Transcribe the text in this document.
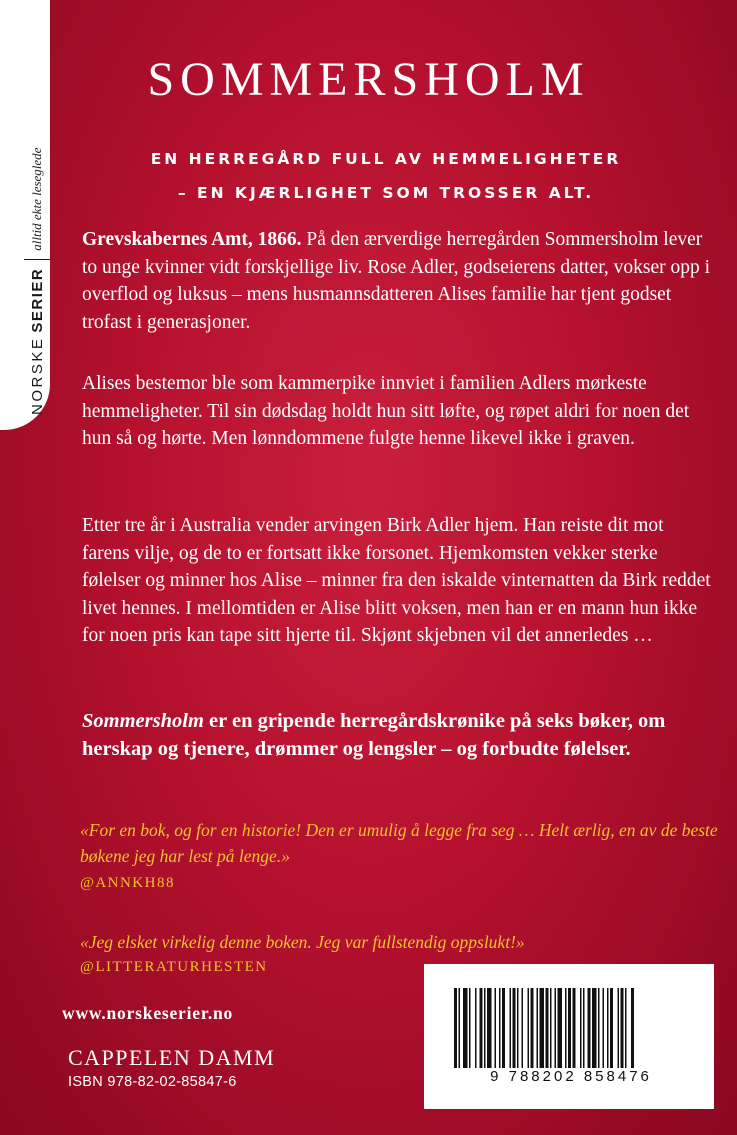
NORSKE
SERIER
alltid ekte leseglede
SOMMERSHOLM
EN HERREGÅRD FULL AV HEMMELIGHETER
– EN KJÆRLIGHET SOM TROSSER ALT.

Grevskabernes Amt, 1866. På den ærverdige herregården Sommersholm lever to unge kvinner vidt forskjellige liv. Rose Adler, godseierens datter, vokser opp i overflod og luksus – mens husmannsdatteren Alises familie har tjent godset trofast i generasjoner.

Alises bestemor ble som kammerpike innviet i familien Adlers mørkeste hemmeligheter. Til sin dødsdag holdt hun sitt løfte, og røpet aldri for noen det hun så og hørte. Men lønndommene fulgte henne likevel ikke i graven.

Etter tre år i Australia vender arvingen Birk Adler hjem. Han reiste dit mot farens vilje, og de to er fortsatt ikke forsonet. Hjemkomsten vekker sterke følelser og minner hos Alise – minner fra den iskalde vinternatten da Birk reddet livet hennes. I mellomtiden er Alise blitt voksen, men han er en mann hun ikke for noen pris kan tape sitt hjerte til. Skjønt skjebnen vil det annerledes …

Sommersholm er en gripende herregårdskrønike på seks bøker, om herskap og tjenere, drømmer og lengsler – og forbudte følelser.

«For en bok, og for en historie! Den er umulig å legge fra seg … Helt ærlig, en av de beste bøkene jeg har lest på lenge.»

@ANNKH88

«Jeg elsket virkelig denne boken. Jeg var fullstendig oppslukt!»

@LITTERATURHESTEN
www.norskeserier.no
CAPPELEN DAMM
ISBN 978-82-02-85847-6	9 788202 858476
